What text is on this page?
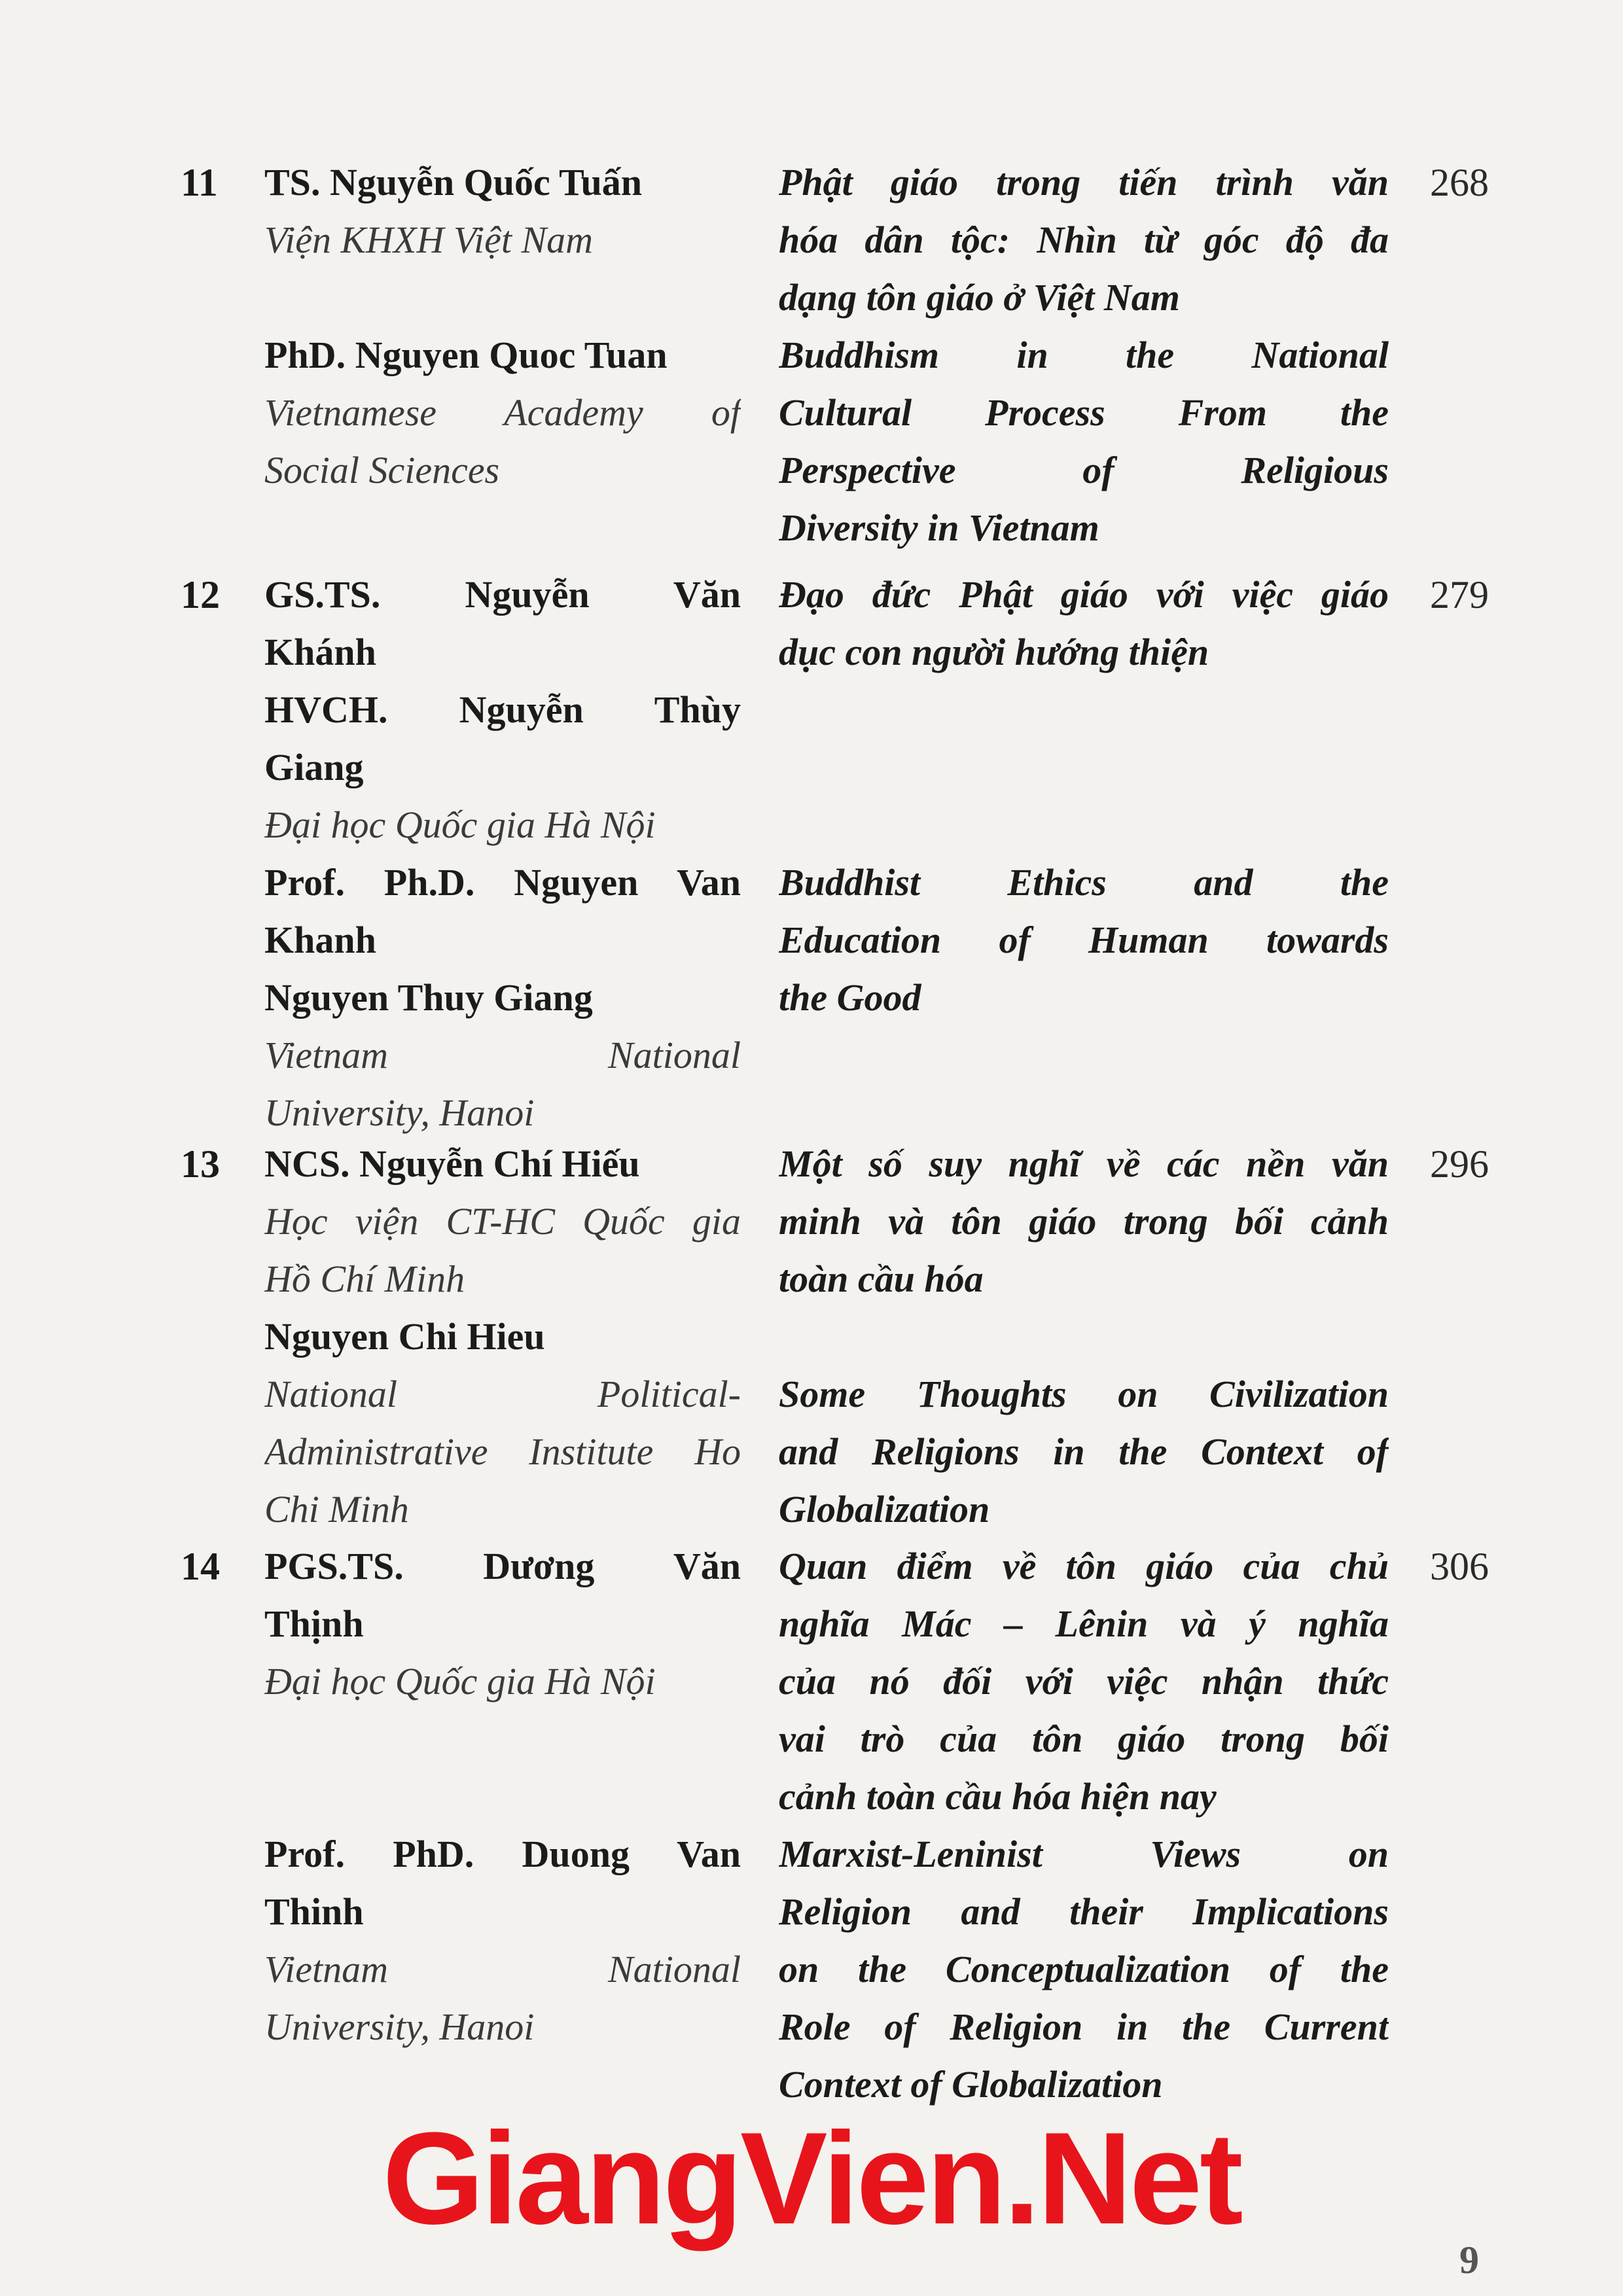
11 TS. Nguyễn Quốc Tuấn
Viện KHXH Việt Nam
PhD. Nguyen Quoc Tuan
Vietnamese Academy of
Social Sciences
Phật giáo trong tiến trình văn
hóa dân tộc: Nhìn từ góc độ đa
dạng tôn giáo ở Việt Nam
Buddhism in the National
Cultural Process From the
Perspective of Religious
Diversity in Vietnam
268
12 GS.TS. Nguyễn Văn
Khánh
HVCH. Nguyễn Thùy
Giang
Đại học Quốc gia Hà Nội
Prof. Ph.D. Nguyen Van
Khanh
Nguyen Thuy Giang
Vietnam National
University, Hanoi
Đạo đức Phật giáo với việc giáo
dục con người hướng thiện
Buddhist Ethics and the
Education of Human towards
the Good
279
13 NCS. Nguyễn Chí Hiếu
Học viện CT-HC Quốc gia
Hồ Chí Minh
Nguyen Chi Hieu
National Political-
Administrative Institute Ho
Chi Minh
Một số suy nghĩ về các nền văn
minh và tôn giáo trong bối cảnh
toàn cầu hóa
Some Thoughts on Civilization
and Religions in the Context of
Globalization
296
14 PGS.TS. Dương Văn
Thịnh
Đại học Quốc gia Hà Nội
Prof. PhD. Duong Van
Thinh
Vietnam National
University, Hanoi
Quan điểm về tôn giáo của chủ
nghĩa Mác – Lênin và ý nghĩa
của nó đối với việc nhận thức
vai trò của tôn giáo trong bối
cảnh toàn cầu hóa hiện nay
Marxist-Leninist Views on
Religion and their Implications
on the Conceptualization of the
Role of Religion in the Current
Context of Globalization
306
GiangVien.Net
9
